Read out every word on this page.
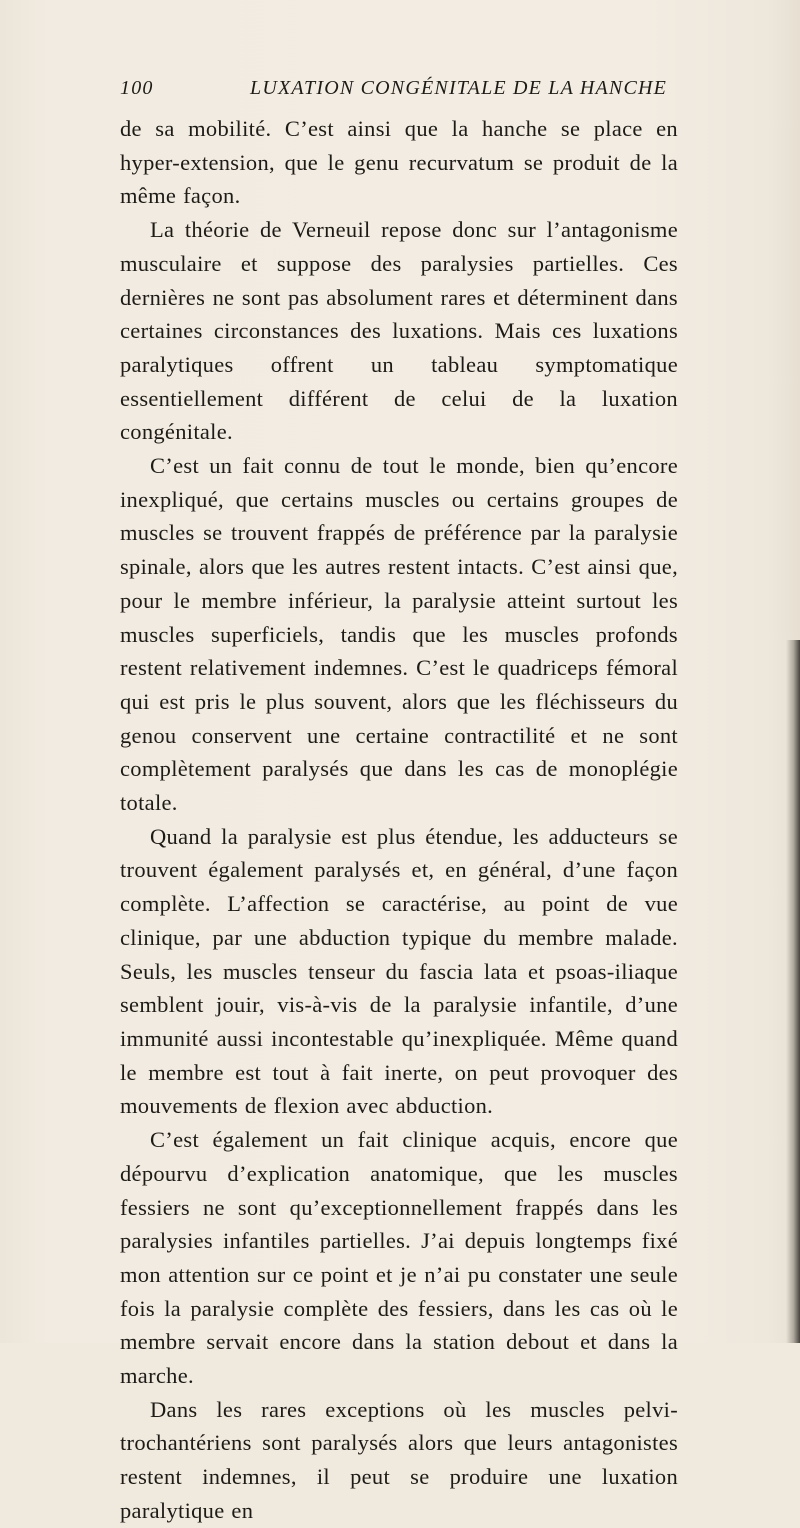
100	LUXATION CONGÉNITALE DE LA HANCHE

de sa mobilité. C’est ainsi que la hanche se place en hyper-extension, que le genu recurvatum se produit de la même façon.

La théorie de Verneuil repose donc sur l’antagonisme musculaire et suppose des paralysies partielles. Ces dernières ne sont pas absolument rares et déterminent dans certaines circonstances des luxations. Mais ces luxations paralytiques offrent un tableau symptomatique essentiellement différent de celui de la luxation congénitale.

C’est un fait connu de tout le monde, bien qu’encore inexpliqué, que certains muscles ou certains groupes de muscles se trouvent frappés de préférence par la paralysie spinale, alors que les autres restent intacts. C’est ainsi que, pour le membre inférieur, la paralysie atteint surtout les muscles superficiels, tandis que les muscles profonds restent relativement indemnes. C’est le quadriceps fémoral qui est pris le plus souvent, alors que les fléchisseurs du genou conservent une certaine contractilité et ne sont complètement paralysés que dans les cas de monoplégie totale.

Quand la paralysie est plus étendue, les adducteurs se trouvent également paralysés et, en général, d’une façon complète. L’affection se caractérise, au point de vue clinique, par une abduction typique du membre malade. Seuls, les muscles tenseur du fascia lata et psoas-iliaque semblent jouir, vis-à-vis de la paralysie infantile, d’une immunité aussi incontestable qu’inexpliquée. Même quand le membre est tout à fait inerte, on peut provoquer des mouvements de flexion avec abduction.

C’est également un fait clinique acquis, encore que dépourvu d’explication anatomique, que les muscles fessiers ne sont qu’exceptionnellement frappés dans les paralysies infantiles partielles. J’ai depuis longtemps fixé mon attention sur ce point et je n’ai pu constater une seule fois la paralysie complète des fessiers, dans les cas où le membre servait encore dans la station debout et dans la marche.

Dans les rares exceptions où les muscles pelvi-trochantériens sont paralysés alors que leurs antagonistes restent indemnes, il peut se produire une luxation paralytique en
